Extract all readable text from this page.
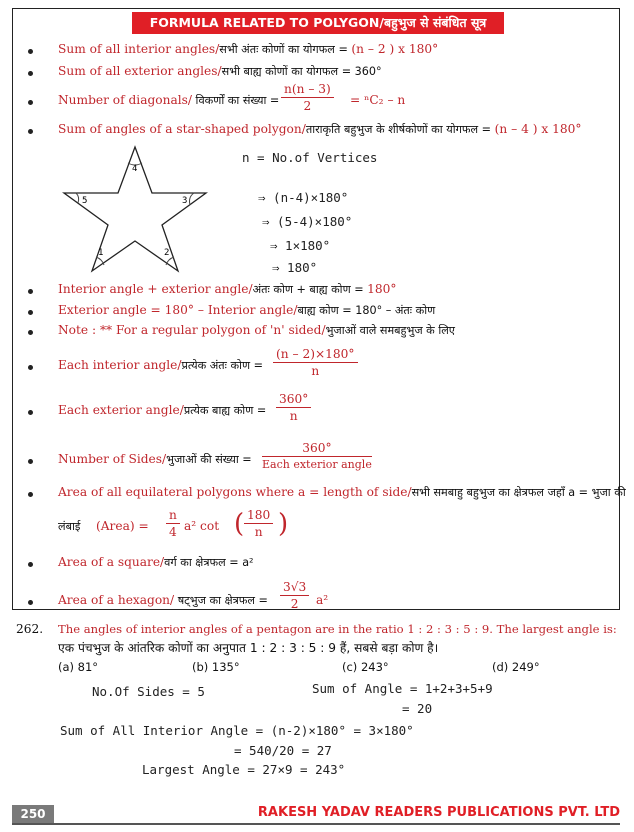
FORMULA RELATED TO POLYGON/बहुभुज से संबंधित सूत्र
Sum of all interior angles/सभी अंतः कोणों का योगफल = (n – 2 ) x 180°
Sum of all exterior angles/सभी बाह्य कोणों का योगफल = 360°
Number of diagonals/ विकर्णों का संख्या = $\frac{n(n - 3)}{2} = ^nC_2 - n$
Sum of angles of a star-shaped polygon/ताराकृति बहुभुज के शीर्षकोणों का योगफल = (n – 4 ) x 180°
4
5	3
1	2
n = No.of Vertices
⇒ (n-4)×180°
⇒ (5-4)×180°
⇒ 1×180°
⇒ 180°
Interior angle + exterior angle/अंतः कोण + बाह्य कोण = 180°
Exterior angle = 180° – Interior angle/बाह्य कोण = 180° – अंतः कोण
Note : ** For a regular polygon of 'n' sided/भुजाओं वाले समबहुभुज के लिए
Each interior angle/प्रत्येक अंतः कोण = $\frac{(n - 2)\times 180^\circ}{n}$
Each exterior angle/प्रत्येक बाह्य कोण = $\frac{360^\circ}{n}$
Number of Sides/भुजाओं की संख्या =
360°
Each exterior angle
Area of all equilateral polygons where a = length of side/सभी समबाहु बहुभुज का क्षेत्रफल जहाँ a = भुजा की
लंबाई (Area) = $\frac{n}{4} a^2$ cot ( $\frac{180}{n}$ )
Area of a square/वर्ग का क्षेत्रफल = a²
Area of a hexagon/ षट्भुज का क्षेत्रफल = $\frac{3√3}{2} a^2$
262. The angles of interior angles of a pentagon are in the ratio 1 : 2 : 3 : 5 : 9. The largest angle is:
एक पंचभुज के आंतरिक कोणों का अनुपात 1 : 2 : 3 : 5 : 9 हैं, सबसे बड़ा कोण है।
(a) 81°	(b) 135°	(c) 243°	(d) 249°
No.Of Sides = 5	Sum of Angle = 1+2+3+5+9
= 20
Sum of All Interior Angle = (n-2)×180° = 3×180°
= 540/20 = 27
Largest Angle = 27×9 = 243°
250	RAKESH YADAV READERS PUBLICATIONS PVT. LTD
